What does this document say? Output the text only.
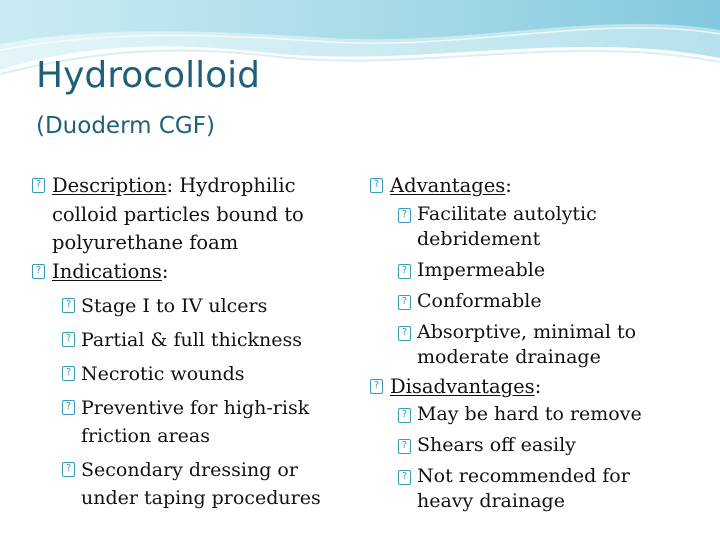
Hydrocolloid
(Duoderm CGF)
? Description: Hydrophilic
colloid particles bound to
polyurethane foam
? Indications:
? Stage I to IV ulcers
? Partial & full thickness
? Necrotic wounds
? Preventive for high-risk
friction areas
? Secondary dressing or
under taping procedures
? Advantages:
? Facilitate autolytic
debridement
? Impermeable
? Conformable
? Absorptive, minimal to
moderate drainage
? Disadvantages:
? May be hard to remove
? Shears off easily
? Not recommended for
heavy drainage
